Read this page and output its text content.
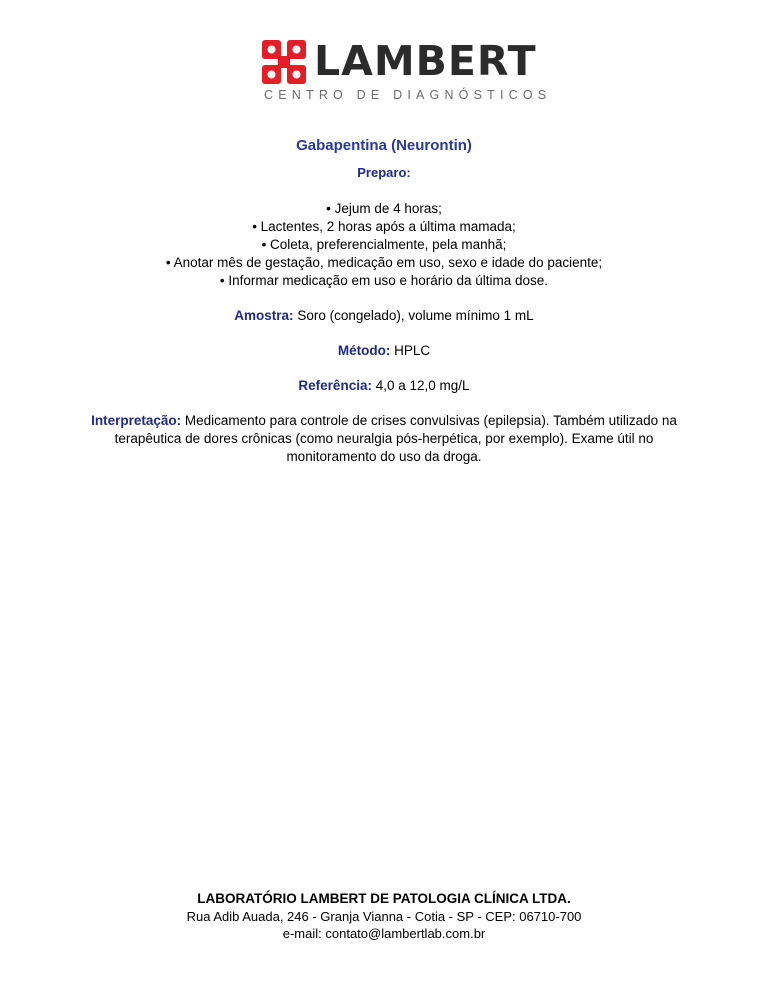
LAMBERT
CENTRO DE DIAGNÓSTICOS
Gabapentina (Neurontin)
Preparo:
• Jejum de 4 horas;
• Lactentes, 2 horas após a última mamada;
• Coleta, preferencialmente, pela manhã;
• Anotar mês de gestação, medicação em uso, sexo e idade do paciente;
• Informar medicação em uso e horário da última dose.
Amostra: Soro (congelado), volume mínimo 1 mL
Método: HPLC
Referência: 4,0 a 12,0 mg/L
Interpretação: Medicamento para controle de crises convulsivas (epilepsia). Também utilizado na terapêutica de dores crônicas (como neuralgia pós-herpética, por exemplo). Exame útil no monitoramento do uso da droga.
LABORATÓRIO LAMBERT DE PATOLOGIA CLÍNICA LTDA.
Rua Adib Auada, 246 - Granja Vianna - Cotia - SP - CEP: 06710-700
e-mail: contato@lambertlab.com.br
